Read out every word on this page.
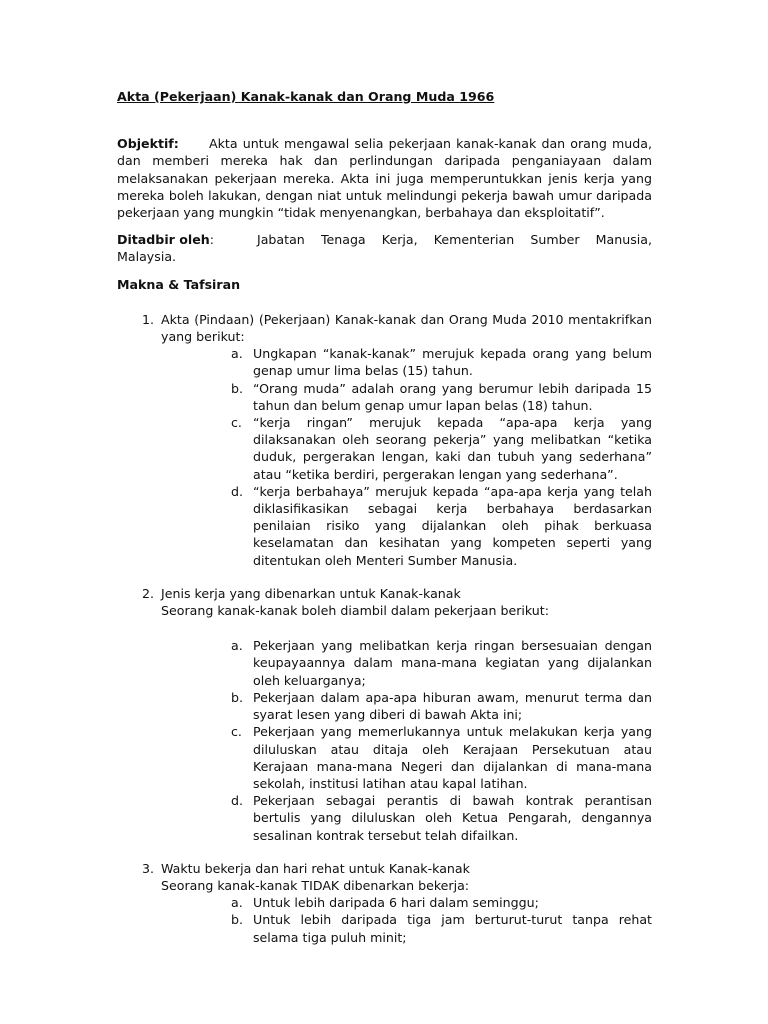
Akta (Pekerjaan) Kanak-kanak dan Orang Muda 1966

Objektif: Akta untuk mengawal selia pekerjaan kanak-kanak dan orang muda, dan memberi mereka hak dan perlindungan daripada penganiayaan dalam melaksanakan pekerjaan mereka. Akta ini juga memperuntukkan jenis kerja yang mereka boleh lakukan, dengan niat untuk melindungi pekerja bawah umur daripada pekerjaan yang mungkin “tidak menyenangkan, berbahaya dan eksploitatif”.

Ditadbir oleh:	Jabatan Tenaga Kerja, Kementerian Sumber Manusia, Malaysia.

Makna & Tafsiran

1. Akta (Pindaan) (Pekerjaan) Kanak-kanak dan Orang Muda 2010 mentakrifkan yang berikut:

a. Ungkapan “kanak-kanak” merujuk kepada orang yang belum genap umur lima belas (15) tahun.
b. “Orang muda” adalah orang yang berumur lebih daripada 15 tahun dan belum genap umur lapan belas (18) tahun.
c. “kerja ringan” merujuk kepada “apa-apa kerja yang dilaksanakan oleh seorang pekerja” yang melibatkan “ketika duduk, pergerakan lengan, kaki dan tubuh yang sederhana” atau “ketika berdiri, pergerakan lengan yang sederhana”.
d. “kerja berbahaya” merujuk kepada “apa-apa kerja yang telah diklasifikasikan sebagai kerja berbahaya berdasarkan penilaian risiko yang dijalankan oleh pihak berkuasa keselamatan dan kesihatan yang kompeten seperti yang ditentukan oleh Menteri Sumber Manusia.
2. Jenis kerja yang dibenarkan untuk Kanak-kanak

Seorang kanak-kanak boleh diambil dalam pekerjaan berikut:

a. Pekerjaan yang melibatkan kerja ringan bersesuaian dengan keupayaannya dalam mana-mana kegiatan yang dijalankan oleh keluarganya;
b. Pekerjaan dalam apa-apa hiburan awam, menurut terma dan syarat lesen yang diberi di bawah Akta ini;
c. Pekerjaan yang memerlukannya untuk melakukan kerja yang diluluskan atau ditaja oleh Kerajaan Persekutuan atau Kerajaan mana-mana Negeri dan dijalankan di mana-mana sekolah, institusi latihan atau kapal latihan.
d. Pekerjaan sebagai perantis di bawah kontrak perantisan bertulis yang diluluskan oleh Ketua Pengarah, dengannya sesalinan kontrak tersebut telah difailkan.
3. Waktu bekerja dan hari rehat untuk Kanak-kanak

Seorang kanak-kanak TIDAK dibenarkan bekerja:

a. Untuk lebih daripada 6 hari dalam seminggu;
b. Untuk lebih daripada tiga jam berturut-turut tanpa rehat selama tiga puluh minit;
